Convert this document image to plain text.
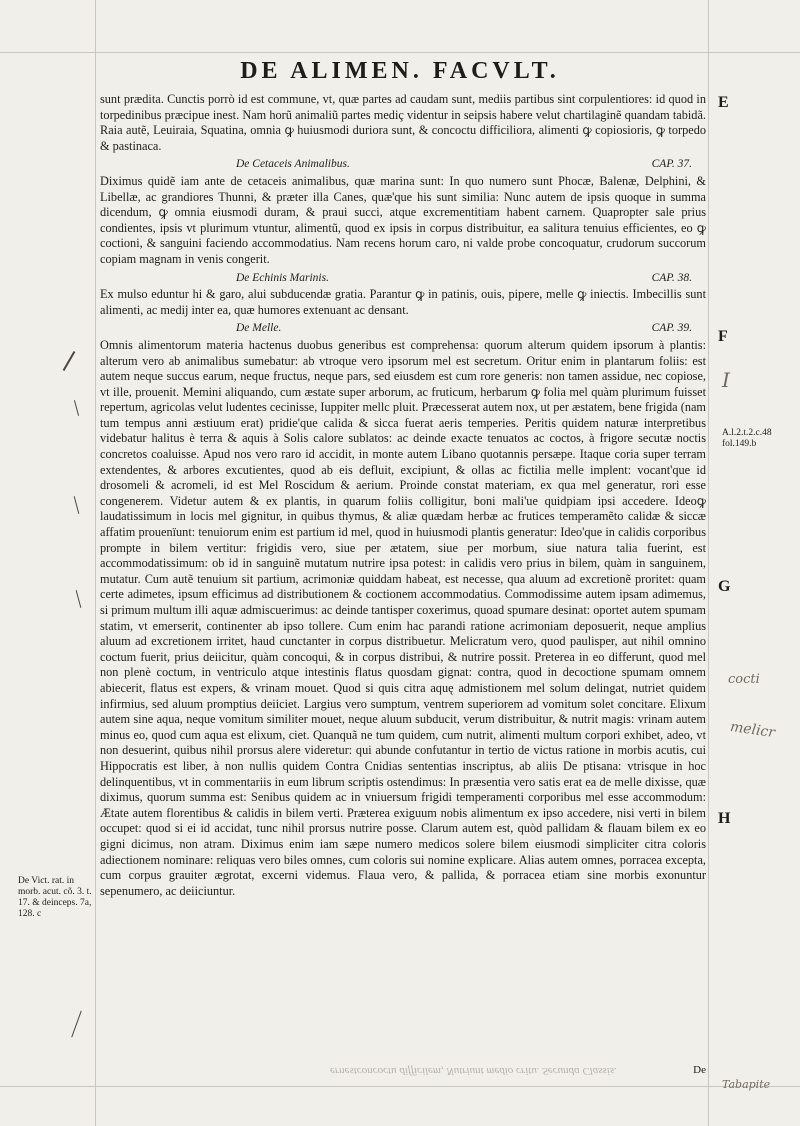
DE ALIMEN. FACVLT.

sunt prædita. Cunctis porrò id est commune, vt, quæ partes ad caudam sunt, mediis partibus sint corpulentiores: id quod in torpedinibus præcipue inest. Nam horũ animaliũ partes mediç videntur in seipsis habere velut chartilaginẽ quandam tabidã. Raia autẽ, Leuiraia, Squatina, omnia ꝙ huiusmodi duriora sunt, & concoctu difficiliora, alimenti ꝙ copiosioris, ꝙ torpedo & pastinaca.

De Cetaceis Animalibus.	CAP. 37.

Diximus quidẽ iam ante de cetaceis animalibus, quæ marina sunt: In quo numero sunt Phocæ, Balenæ, Delphini, & Libellæ, ac grandiores Thunni, & præter illa Canes, quæ'que his sunt similia: Nunc autem de ipsis quoque in summa dicendum, ꝙ omnia eiusmodi duram, & praui succi, atque excrementitiam habent carnem. Quapropter sale prius condientes, ipsis vt plurimum vtuntur, alimentũ, quod ex ipsis in corpus distribuitur, ea salitura tenuius efficientes, eo ꝙ coctioni, & sanguini faciendo accommodatius. Nam recens horum caro, ni valde probe concoquatur, crudorum succorum copiam magnam in venis congerit.

De Echinis Marinis.	CAP. 38.

Ex mulso eduntur hi & garo, alui subducendæ gratia. Parantur ꝙ in patinis, ouis, pipere, melle ꝙ iniectis. Imbecillis sunt alimenti, ac medij inter ea, quæ humores extenuant ac densant.

De Melle.	CAP. 39.

Omnis alimentorum materia hactenus duobus generibus est comprehensa: quorum alterum quidem ipsorum à plantis: alterum vero ab animalibus sumebatur: ab vtroque vero ipsorum mel est secretum. Oritur enim in plantarum foliis: est autem neque succus earum, neque fructus, neque pars, sed eiusdem est cum rore generis: non tamen assidue, nec copiose, vt ille, prouenit. Memini aliquando, cum æstate super arborum, ac fruticum, herbarum ꝙ folia mel quàm plurimum fuisset repertum, agricolas velut ludentes cecinisse, Iuppiter mellc pluit. Præcesserat autem nox, ut per æstatem, bene frigida (nam tum tempus anni æstiuum erat) pridie'que calida & sicca fuerat aeris temperies. Peritis quidem naturæ interpretibus videbatur halitus è terra & aquis à Solis calore sublatos: ac deinde exacte tenuatos ac coctos, à frigore secutæ noctis concretos coaluisse. Apud nos vero raro id accidit, in monte autem Libano quotannis persæpe. Itaque coria super terram extendentes, & arbores excutientes, quod ab eis defluit, excipiunt, & ollas ac fictilia melle implent: vocant'que id drosomeli & acromeli, id est Mel Roscidum & aerium. Proinde constat materiam, ex qua mel generatur, rori esse congenerem. Videtur autem & ex plantis, in quarum foliis colligitur, boni mali'ue quidpiam ipsi accedere. Ideoꝙ laudatissimum in locis mel gignitur, in quibus thymus, & aliæ quædam herbæ ac frutices temperamẽto calidæ & siccæ affatim prouenïunt: tenuiorum enim est partium id mel, quod in huiusmodi plantis generatur: Ideo'que in calidis corporibus prompte in bilem vertitur: frigidis vero, siue per ætatem, siue per morbum, siue natura talia fuerint, est accommodatissimum: ob id in sanguinẽ mutatum nutrire ipsa potest: in calidis vero prius in bilem, quàm in sanguinem, mutatur. Cum autẽ tenuium sit partium, acrimoniæ quiddam habeat, est necesse, qua aluum ad excretionẽ proritet: quam certe adimetes, ipsum efficimus ad distributionem & coctionem accommodatius. Commodissime autem ipsam adimemus, si primum multum illi aquæ admiscuerimus: ac deinde tantisper coxerimus, quoad spumare desinat: oportet autem spumam statim, vt emerserit, continenter ab ipso tollere. Cum enim hac parandi ratione acrimoniam deposuerit, neque amplius aluum ad excretionem irritet, haud cunctanter in corpus distribuetur. Melicratum vero, quod paulisper, aut nihil omnino coctum fuerit, prius deiicitur, quàm concoqui, & in corpus distribui, & nutrire possit. Preterea in eo differunt, quod mel non plenè coctum, in ventriculo atque intestinis flatus quosdam gignat: contra, quod in decoctione spumam omnem abiecerit, flatus est expers, & vrinam mouet. Quod si quis citra aquę admistionem mel solum delingat, nutriet quidem infirmius, sed aluum promptius deiiciet. Largius vero sumptum, ventrem superiorem ad vomitum solet concitare. Elixum autem sine aqua, neque vomitum similiter mouet, neque aluum subducit, verum distribuitur, & nutrit magis: vrinam autem minus eo, quod cum aqua est elixum, ciet. Quanquã ne tum quidem, cum nutrit, alimenti multum corpori exhibet, adeo, vt non desuerint, quibus nihil prorsus alere videretur: qui abunde confutantur in tertio de victus ratione in morbis acutis, cui Hippocratis est liber, à non nullis quidem Contra Cnidias sententias inscriptus, ab aliis De ptisana: vtrisque in hoc delinquentibus, vt in commentariis in eum librum scriptis ostendimus: In præsentia vero satis erat ea de melle dixisse, quæ diximus, quorum summa est: Senibus quidem ac in vniuersum frigidi temperamenti corporibus mel esse accommodum: Ætate autem florentibus & calidis in bilem verti. Præterea exiguum nobis alimentum ex ipso accedere, nisi verti in bilem occupet: quod si ei id accidat, tunc nihil prorsus nutrire posse. Clarum autem est, quòd pallidam & flauam bilem ex eo gigni dicimus, non atram. Diximus enim iam sæpe numero medicos solere bilem eiusmodi simpliciter citra coloris adiectionem nominare: reliquas vero biles omnes, cum coloris sui nomine explicare. Alias autem omnes, porracea excepta, cum corpus grauiter ægrotat, excerni videmus. Flaua vero, & pallida, & porracea etiam sine morbis exonuntur sepenumero, ac deiiciuntur.

E
F
G
H
A.l.2.t.2.c.48 fol.149.b
De Vict. rat. in morb. acut. cõ. 3. t. 17. & deinceps. 7a, 128. c
I
cocti
melicr
Tabapite
De
ernestconcoctu difficilem, Nutriunt medio critu. Secunda Classis.
